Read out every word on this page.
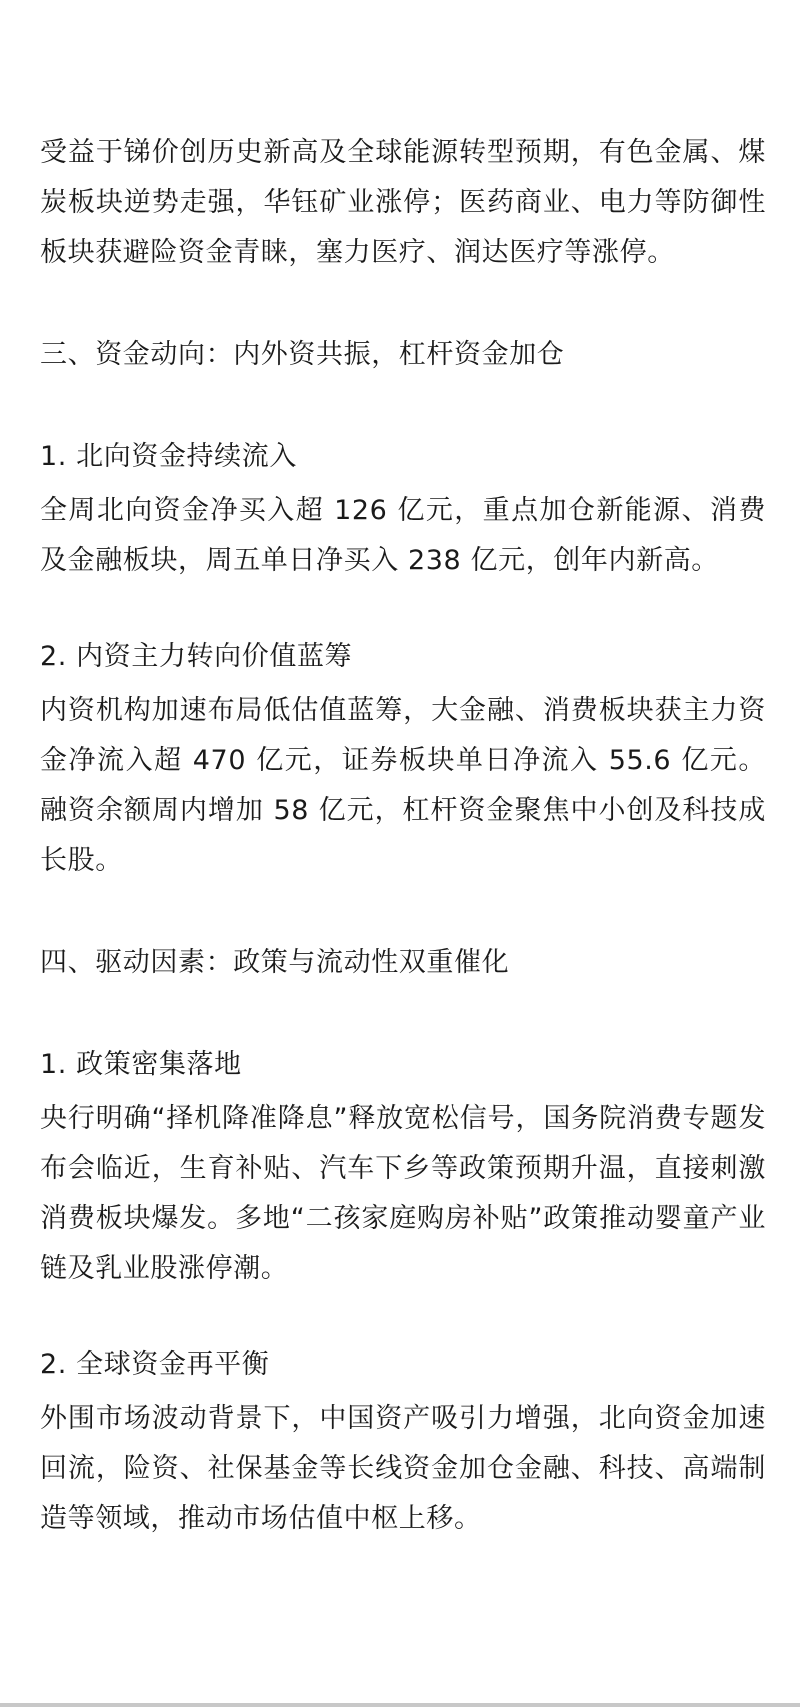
受益于锑价创历史新高及全球能源转型预期，有色金属、煤炭板块逆势走强，华钰矿业涨停；医药商业、电力等防御性板块获避险资金青睐，塞力医疗、润达医疗等涨停。

三、资金动向：内外资共振，杠杆资金加仓

1. 北向资金持续流入

全周北向资金净买入超 126 亿元，重点加仓新能源、消费及金融板块，周五单日净买入 238 亿元，创年内新高。

2. 内资主力转向价值蓝筹

内资机构加速布局低估值蓝筹，大金融、消费板块获主力资金净流入超 470 亿元，证券板块单日净流入 55.6 亿元。融资余额周内增加 58 亿元，杠杆资金聚焦中小创及科技成长股。

四、驱动因素：政策与流动性双重催化

1. 政策密集落地

央行明确“择机降准降息”释放宽松信号，国务院消费专题发布会临近，生育补贴、汽车下乡等政策预期升温，直接刺激消费板块爆发。多地“二孩家庭购房补贴”政策推动婴童产业链及乳业股涨停潮。

2. 全球资金再平衡

外围市场波动背景下，中国资产吸引力增强，北向资金加速回流，险资、社保基金等长线资金加仓金融、科技、高端制造等领域，推动市场估值中枢上移。
